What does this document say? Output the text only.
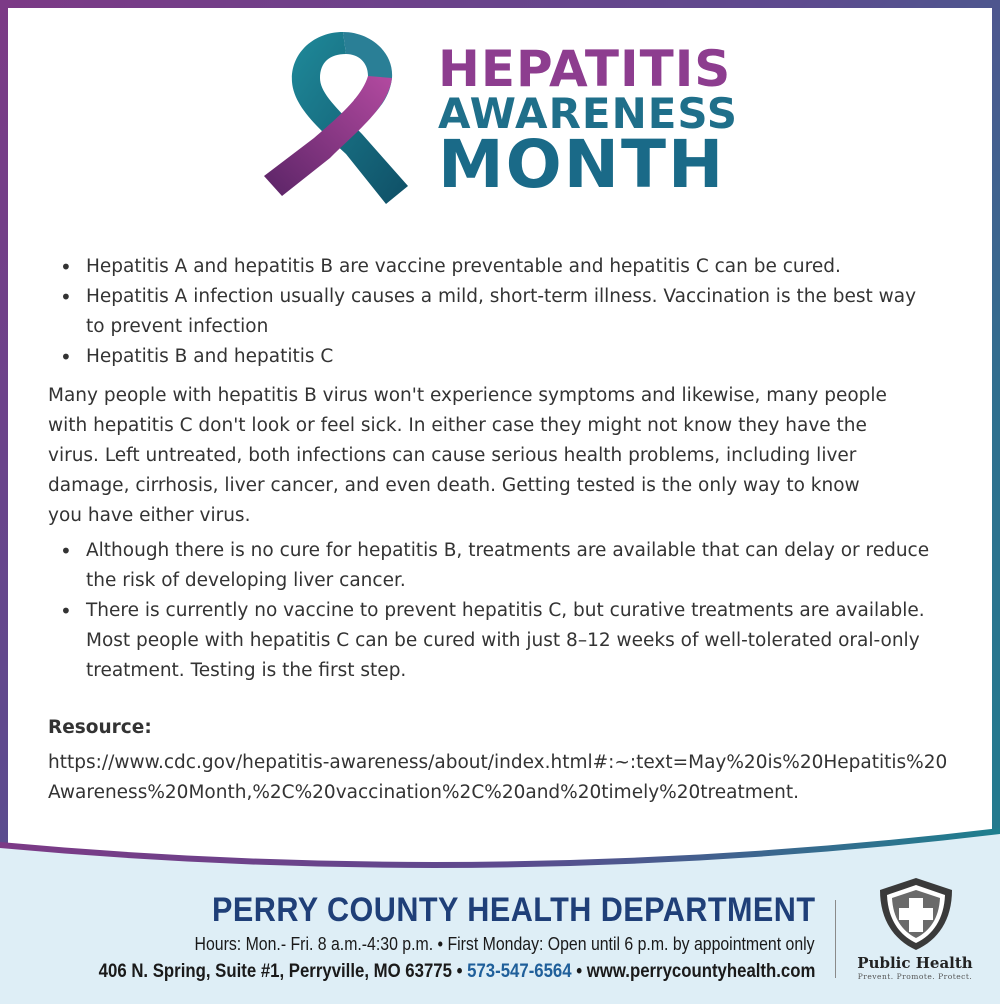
HEPATITIS
AWARENESS
MONTH
• Hepatitis A and hepatitis B are vaccine preventable and hepatitis C can be cured.
• Hepatitis A infection usually causes a mild, short-term illness. Vaccination is the best way to prevent infection
• Hepatitis B and hepatitis C
Many people with hepatitis B virus won't experience symptoms and likewise, many people with hepatitis C don't look or feel sick. In either case they might not know they have the virus. Left untreated, both infections can cause serious health problems, including liver damage, cirrhosis, liver cancer, and even death. Getting tested is the only way to know you have either virus.
• Although there is no cure for hepatitis B, treatments are available that can delay or reduce the risk of developing liver cancer.
• There is currently no vaccine to prevent hepatitis C, but curative treatments are available. Most people with hepatitis C can be cured with just 8–12 weeks of well-tolerated oral-only treatment. Testing is the first step.
Resource:
https://www.cdc.gov/hepatitis-awareness/about/index.html#:~:text=May%20is%20Hepatitis%20Awareness%20Month,%2C%20vaccination%2C%20and%20timely%20treatment.
PERRY COUNTY HEALTH DEPARTMENT
Hours: Mon.- Fri. 8 a.m.-4:30 p.m. • First Monday: Open until 6 p.m. by appointment only
406 N. Spring, Suite #1, Perryville, MO 63775 • 573-547-6564 • www.perrycountyhealth.com	Public Health
Prevent. Promote. Protect.
